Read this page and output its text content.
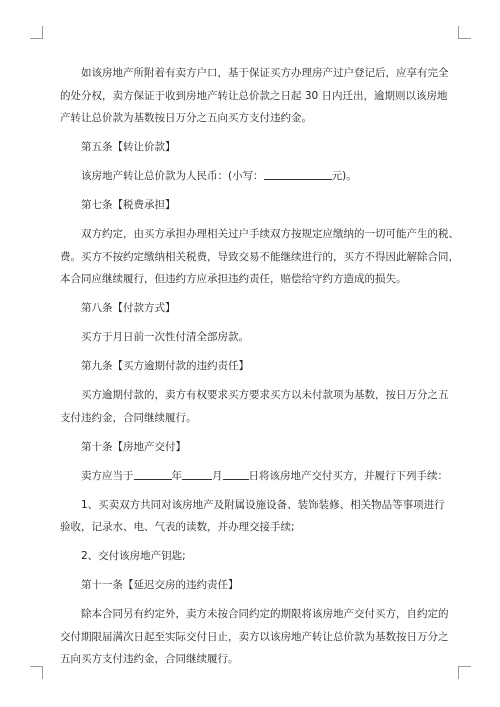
如该房地产所附着有卖方户口，基于保证买方办理房产过户登记后，应享有完全

的处分权，卖方保证于收到房地产转让总价款之日起 30 日内迁出，逾期则以该房地

产转让总价款为基数按日万分之五向买方支付违约金。

第五条【转让价款】

该房地产转让总价款为人民币：(小写：	元)。

第七条【税费承担】

双方约定，由买方承担办理相关过户手续双方按规定应缴纳的一切可能产生的税、

费。买方不按约定缴纳相关税费，导致交易不能继续进行的，买方不得因此解除合同，

本合同应继续履行，但违约方应承担违约责任，赔偿给守约方造成的损失。

第八条【付款方式】

买方于月日前一次性付清全部房款。

第九条【买方逾期付款的违约责任】

买方逾期付款的，卖方有权要求买方要求买方以未付款项为基数，按日万分之五

支付违约金，合同继续履行。

第十条【房地产交付】

卖方应当于	年	月 日将该房地产交付买方，并履行下列手续：

1、买卖双方共同对该房地产及附属设施设备、装饰装修、相关物品等事项进行

验收，记录水、电、气表的读数，并办理交接手续;

2、交付该房地产钥匙;

第十一条【延迟交房的违约责任】

除本合同另有约定外，卖方未按合同约定的期限将该房地产交付买方，自约定的

交付期限届满次日起至实际交付日止，卖方以该房地产转让总价款为基数按日万分之

五向买方支付违约金，合同继续履行。
